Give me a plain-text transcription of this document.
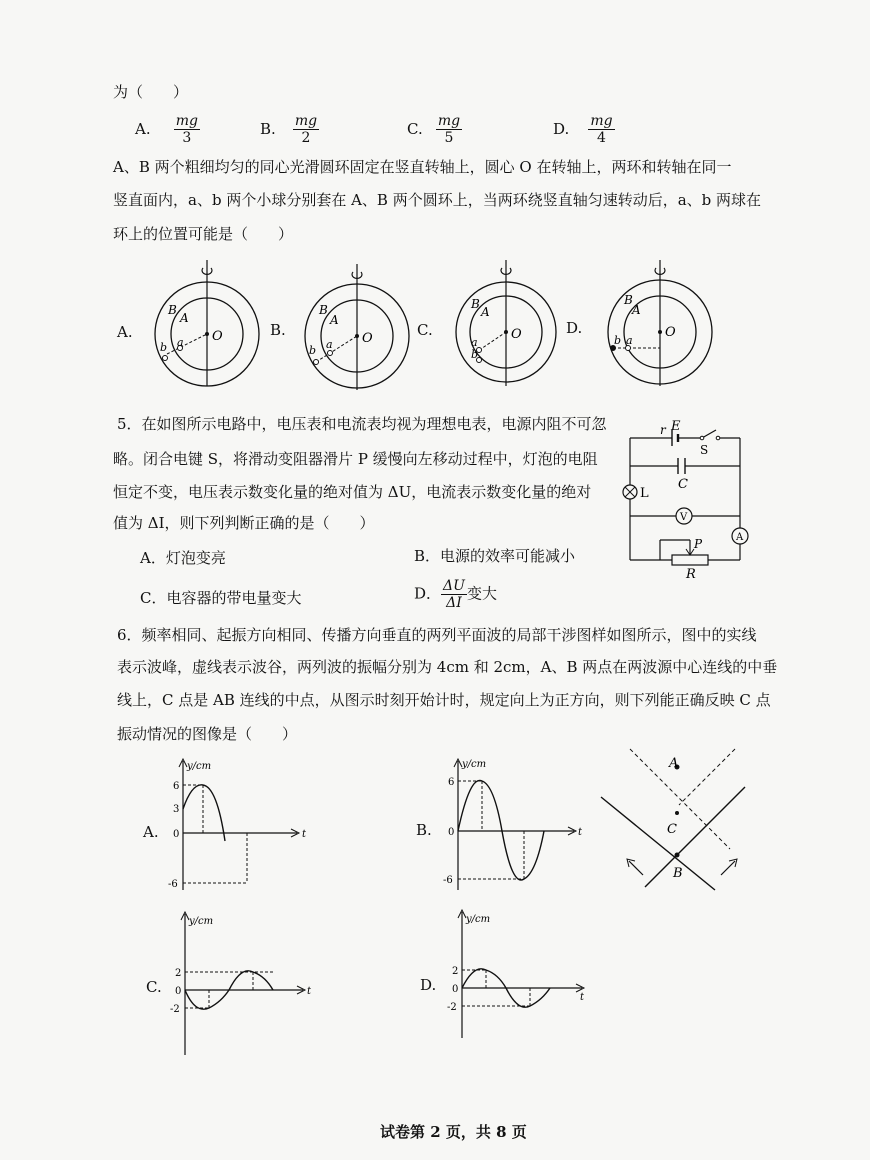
为（　　）
A. $\frac{mg}{3}$	B. $\frac{mg}{2}$	C. $\frac{mg}{5}$	D. $\frac{mg}{4}$
A、B 两个粗细均匀的同心光滑圆环固定在竖直转轴上，圆心 O 在转轴上，两环和转轴在同一
竖直面内，a、b 两个小球分别套在 A、B 两个圆环上，当两环绕竖直轴匀速转动后，a、b 两球在
环上的位置可能是（　　）
A.	B.	C.	D.
B
A
O
a
b
B
A
O
a
b
B
A
O
a
b
B
A
O
a
b
5．在如图所示电路中，电压表和电流表均视为理想电表，电源内阻不可忽
略。闭合电键 S，将滑动变阻器滑片 P 缓慢向左移动过程中，灯泡的电阻
恒定不变，电压表示数变化量的绝对值为 ΔU，电流表示数变化量的绝对
值为 ΔI，则下列判断正确的是（　　）
A．灯泡变亮	B．电源的效率可能减小
C．电容器的带电量变大	D． $\frac{\Delta U}{\Delta I}$ 变大
r E
S
C
L
V
A
P
R
6．频率相同、起振方向相同、传播方向垂直的两列平面波的局部干涉图样如图所示，图中的实线
表示波峰，虚线表示波谷，两列波的振幅分别为 4cm 和 2cm，A、B 两点在两波源中心连线的中垂
线上，C 点是 AB 连线的中点，从图示时刻开始计时，规定向上为正方向，则下列能正确反映 C 点
振动情况的图像是（　　）
A.	B.
C.	D.
y/cm
t
6
3
0
-6
y/cm
t
6
0
-6
A
C
B
y/cm
t
2
0
-2
y/cm
t
2
0
-2
试卷第 2 页，共 8 页
